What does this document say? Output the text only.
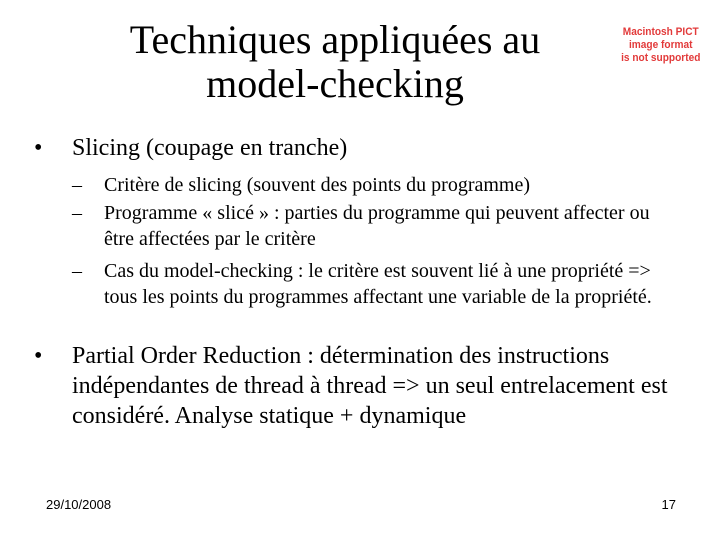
Techniques appliquées au
model-checking
Macintosh PICT
image format
is not supported
•	Slicing (coupage en tranche)
–	Critère de slicing (souvent des points du programme)
–	Programme « slicé » : parties du programme qui peuvent affecter ou être affectées par le critère
–	Cas du model-checking : le critère est souvent lié à une propriété => tous les points du programmes affectant une variable de la propriété.
•	Partial Order Reduction : détermination des instructions indépendantes de thread à thread => un seul entrelacement est considéré. Analyse statique + dynamique
29/10/2008	17
